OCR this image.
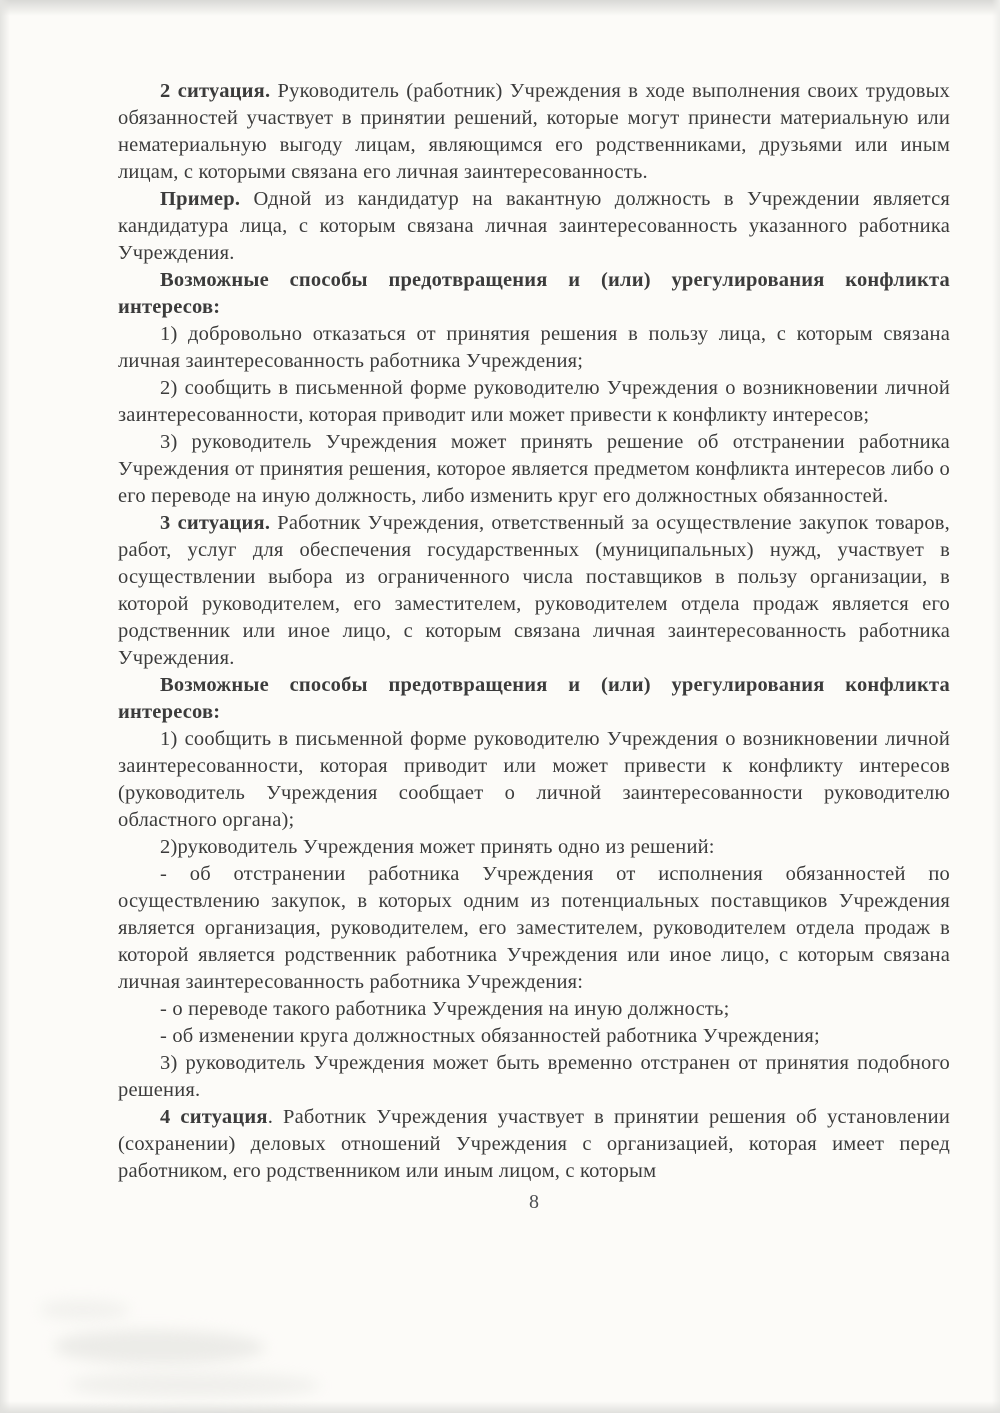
2 ситуация. Руководитель (работник) Учреждения в ходе выполнения своих трудовых обязанностей участвует в принятии решений, которые могут принести материальную или нематериальную выгоду лицам, являющимся его родственниками, друзьями или иным лицам, с которыми связана его личная заинтересованность.

Пример. Одной из кандидатур на вакантную должность в Учреждении является кандидатура лица, с которым связана личная заинтересованность указанного работника Учреждения.

Возможные способы предотвращения и (или) урегулирования конфликта интересов:

1) добровольно отказаться от принятия решения в пользу лица, с которым связана личная заинтересованность работника Учреждения;

2) сообщить в письменной форме руководителю Учреждения о возникновении личной заинтересованности, которая приводит или может привести к конфликту интересов;

3) руководитель Учреждения может принять решение об отстранении работника Учреждения от принятия решения, которое является предметом конфликта интересов либо о его переводе на иную должность, либо изменить круг его должностных обязанностей.

3 ситуация. Работник Учреждения, ответственный за осуществление закупок товаров, работ, услуг для обеспечения государственных (муниципальных) нужд, участвует в осуществлении выбора из ограниченного числа поставщиков в пользу организации, в которой руководителем, его заместителем, руководителем отдела продаж является его родственник или иное лицо, с которым связана личная заинтересованность работника Учреждения.

Возможные способы предотвращения и (или) урегулирования конфликта интересов:

1) сообщить в письменной форме руководителю Учреждения о возникновении личной заинтересованности, которая приводит или может привести к конфликту интересов (руководитель Учреждения сообщает о личной заинтересованности руководителю областного органа);

2)руководитель Учреждения может принять одно из решений:

- об отстранении работника Учреждения от исполнения обязанностей по осуществлению закупок, в которых одним из потенциальных поставщиков Учреждения является организация, руководителем, его заместителем, руководителем отдела продаж в которой является родственник работника Учреждения или иное лицо, с которым связана личная заинтересованность работника Учреждения:

- о переводе такого работника Учреждения на иную должность;

- об изменении круга должностных обязанностей работника Учреждения;

3) руководитель Учреждения может быть временно отстранен от принятия подобного решения.

4 ситуация. Работник Учреждения участвует в принятии решения об установлении (сохранении) деловых отношений Учреждения с организацией, которая имеет перед работником, его родственником или иным лицом, с которым

8
